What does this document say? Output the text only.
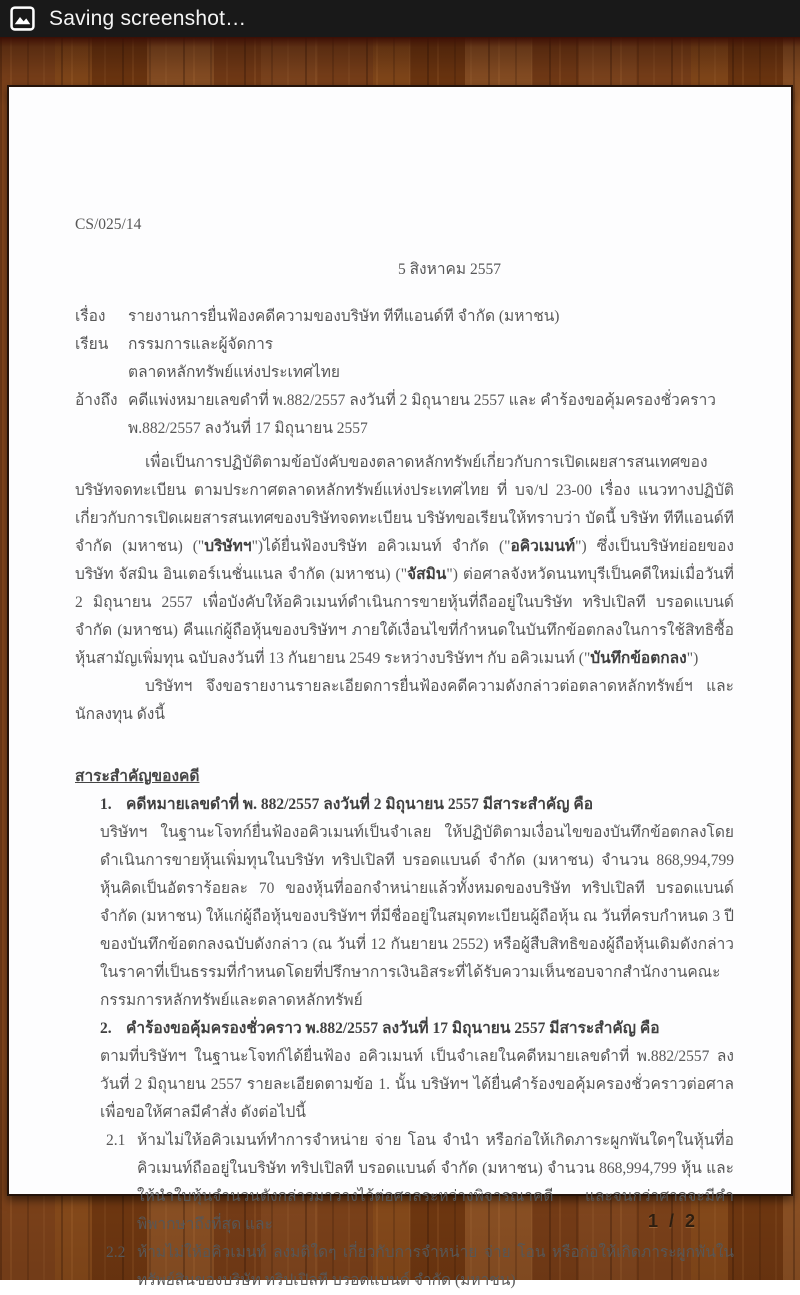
Saving screenshot…
CS/025/14
5 สิงหาคม 2557
เรื่อง	รายงานการยื่นฟ้องคดีความของบริษัท ทีทีแอนด์ที จำกัด (มหาชน)
เรียน	กรรมการและผู้จัดการ
ตลาดหลักทรัพย์แห่งประเทศไทย
อ้างถึง คดีแพ่งหมายเลขดำที่ พ.882/2557 ลงวันที่ 2 มิถุนายน 2557 และ คำร้องขอคุ้มครองชั่วคราว พ.882/2557 ลงวันที่ 17 มิถุนายน 2557
เพื่อเป็นการปฏิบัติตามข้อบังคับของตลาดหลักทรัพย์เกี่ยวกับการเปิดเผยสารสนเทศของบริษัทจดทะเบียน ตามประกาศตลาดหลักทรัพย์แห่งประเทศไทย ที่ บจ/ป 23-00 เรื่อง แนวทางปฏิบัติเกี่ยวกับการเปิดเผยสารสนเทศของบริษัทจดทะเบียน บริษัทขอเรียนให้ทราบว่า บัดนี้ บริษัท ทีทีแอนด์ที จำกัด (มหาชน) ("บริษัทฯ")ได้ยื่นฟ้องบริษัท อคิวเมนท์ จำกัด ("อคิวเมนท์") ซึ่งเป็นบริษัทย่อยของบริษัท จัสมิน อินเตอร์เนชั่นแนล จำกัด (มหาชน) ("จัสมิน") ต่อศาลจังหวัดนนทบุรีเป็นคดีใหม่เมื่อวันที่ 2 มิถุนายน 2557 เพื่อบังคับให้อคิวเมนท์ดำเนินการขายหุ้นที่ถืออยู่ในบริษัท ทริปเปิลที บรอดแบนด์ จำกัด (มหาชน) คืนแก่ผู้ถือหุ้นของบริษัทฯ ภายใต้เงื่อนไขที่กำหนดในบันทึกข้อตกลงในการใช้สิทธิซื้อหุ้นสามัญเพิ่มทุน ฉบับลงวันที่ 13 กันยายน 2549 ระหว่างบริษัทฯ กับ อคิวเมนท์ ("บันทึกข้อตกลง")
บริษัทฯ จึงขอรายงานรายละเอียดการยื่นฟ้องคดีความดังกล่าวต่อตลาดหลักทรัพย์ฯ และนักลงทุน ดังนี้
สาระสำคัญของคดี
1. คดีหมายเลขดำที่ พ. 882/2557 ลงวันที่ 2 มิถุนายน 2557 มีสาระสำคัญ คือ
บริษัทฯ ในฐานะโจทก์ยื่นฟ้องอคิวเมนท์เป็นจำเลย ให้ปฏิบัติตามเงื่อนไขของบันทึกข้อตกลงโดยดำเนินการขายหุ้นเพิ่มทุนในบริษัท ทริปเปิลที บรอดแบนด์ จำกัด (มหาชน) จำนวน 868,994,799 หุ้นคิดเป็นอัตราร้อยละ 70 ของหุ้นที่ออกจำหน่ายแล้วทั้งหมดของบริษัท ทริปเปิลที บรอดแบนด์ จำกัด (มหาชน) ให้แก่ผู้ถือหุ้นของบริษัทฯ ที่มีชื่ออยู่ในสมุดทะเบียนผู้ถือหุ้น ณ วันที่ครบกำหนด 3 ปีของบันทึกข้อตกลงฉบับดังกล่าว (ณ วันที่ 12 กันยายน 2552) หรือผู้สืบสิทธิของผู้ถือหุ้นเดิมดังกล่าว ในราคาที่เป็นธรรมที่กำหนดโดยที่ปรึกษาการเงินอิสระที่ได้รับความเห็นชอบจากสำนักงานคณะกรรมการหลักทรัพย์และตลาดหลักทรัพย์
2. คำร้องขอคุ้มครองชั่วคราว พ.882/2557 ลงวันที่ 17 มิถุนายน 2557 มีสาระสำคัญ คือ
ตามที่บริษัทฯ ในฐานะโจทก์ได้ยื่นฟ้อง อคิวเมนท์ เป็นจำเลยในคดีหมายเลขดำที่ พ.882/2557 ลงวันที่ 2 มิถุนายน 2557 รายละเอียดตามข้อ 1. นั้น บริษัทฯ ได้ยื่นคำร้องขอคุ้มครองชั่วคราวต่อศาล เพื่อขอให้ศาลมีคำสั่ง ดังต่อไปนี้
2.1 ห้ามไม่ให้อคิวเมนท์ทำการจำหน่าย จ่าย โอน จำนำ หรือก่อให้เกิดภาระผูกพันใดๆในหุ้นที่อคิวเมนท์ถืออยู่ในบริษัท ทริปเปิลที บรอดแบนด์ จำกัด (มหาชน) จำนวน 868,994,799 หุ้น และให้นำใบหุ้นจำนวนดังกล่าวมาวางไว้ต่อศาลระหว่างพิจารณาคดี และจนกว่าศาลจะมีคำพิพากษาถึงที่สุด และ
2.2 ห้ามไม่ให้อคิวเมนท์ ลงมติใดๆ เกี่ยวกับการจำหน่าย จ่าย โอน หรือก่อให้เกิดภาระผูกพันในทรัพย์สินของบริษัท ทริปเปิลที บรอดแบนด์ จำกัด (มหาชน)
1 / 2
